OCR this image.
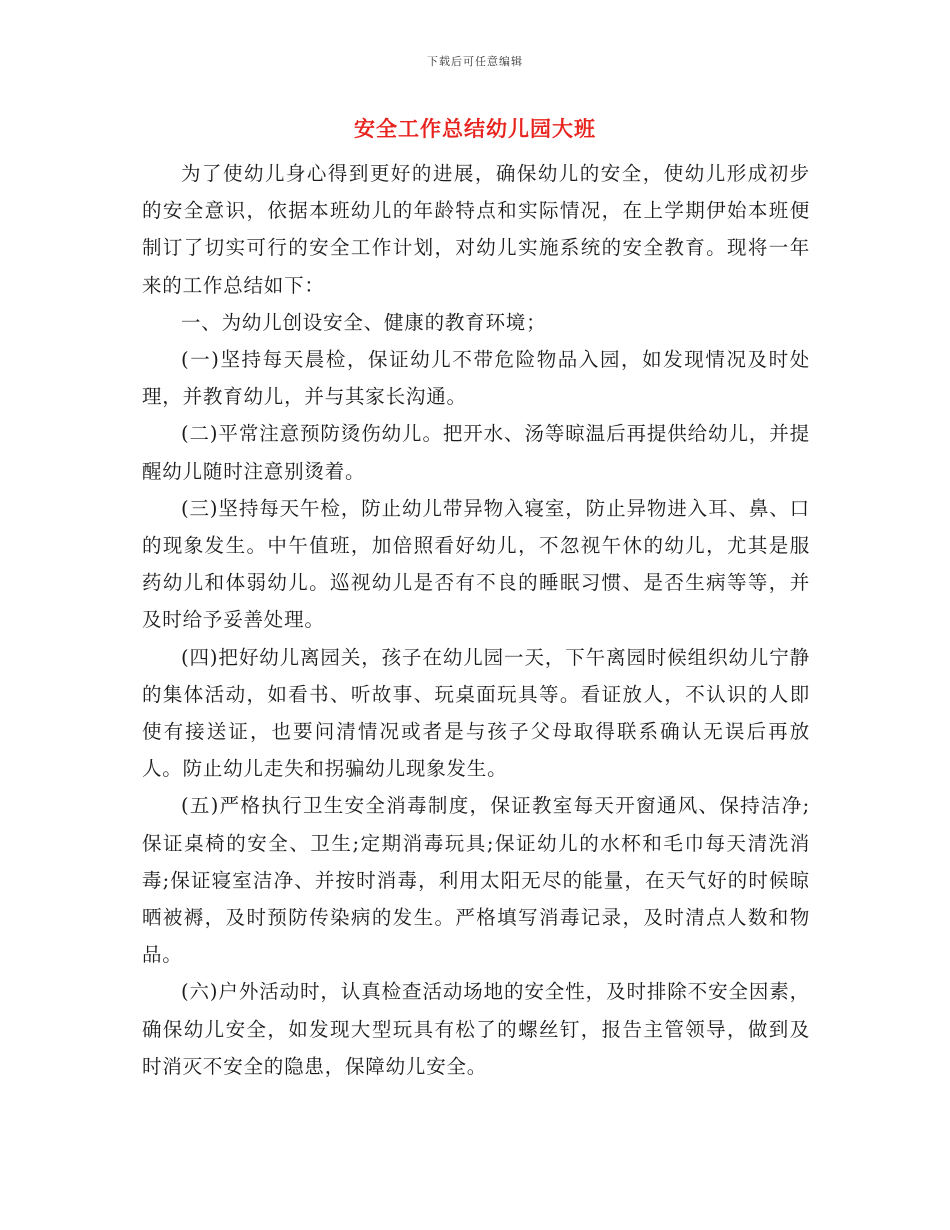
下载后可任意编辑
安全工作总结幼儿园大班

为了使幼儿身心得到更好的进展，确保幼儿的安全，使幼儿形成初步的安全意识，依据本班幼儿的年龄特点和实际情况，在上学期伊始本班便制订了切实可行的安全工作计划，对幼儿实施系统的安全教育。现将一年来的工作总结如下：

一、为幼儿创设安全、健康的教育环境；

(一)坚持每天晨检，保证幼儿不带危险物品入园，如发现情况及时处理，并教育幼儿，并与其家长沟通。

(二)平常注意预防烫伤幼儿。把开水、汤等晾温后再提供给幼儿，并提醒幼儿随时注意别烫着。

(三)坚持每天午检，防止幼儿带异物入寝室，防止异物进入耳、鼻、口的现象发生。中午值班，加倍照看好幼儿，不忽视午休的幼儿，尤其是服药幼儿和体弱幼儿。巡视幼儿是否有不良的睡眠习惯、是否生病等等，并及时给予妥善处理。

(四)把好幼儿离园关，孩子在幼儿园一天，下午离园时候组织幼儿宁静的集体活动，如看书、听故事、玩桌面玩具等。看证放人，不认识的人即使有接送证，也要问清情况或者是与孩子父母取得联系确认无误后再放人。防止幼儿走失和拐骗幼儿现象发生。

(五)严格执行卫生安全消毒制度，保证教室每天开窗通风、保持洁净;保证桌椅的安全、卫生;定期消毒玩具;保证幼儿的水杯和毛巾每天清洗消毒;保证寝室洁净、并按时消毒，利用太阳无尽的能量，在天气好的时候晾晒被褥，及时预防传染病的发生。严格填写消毒记录，及时清点人数和物品。

(六)户外活动时，认真检查活动场地的安全性，及时排除不安全因素，确保幼儿安全，如发现大型玩具有松了的螺丝钉，报告主管领导，做到及时消灭不安全的隐患，保障幼儿安全。
